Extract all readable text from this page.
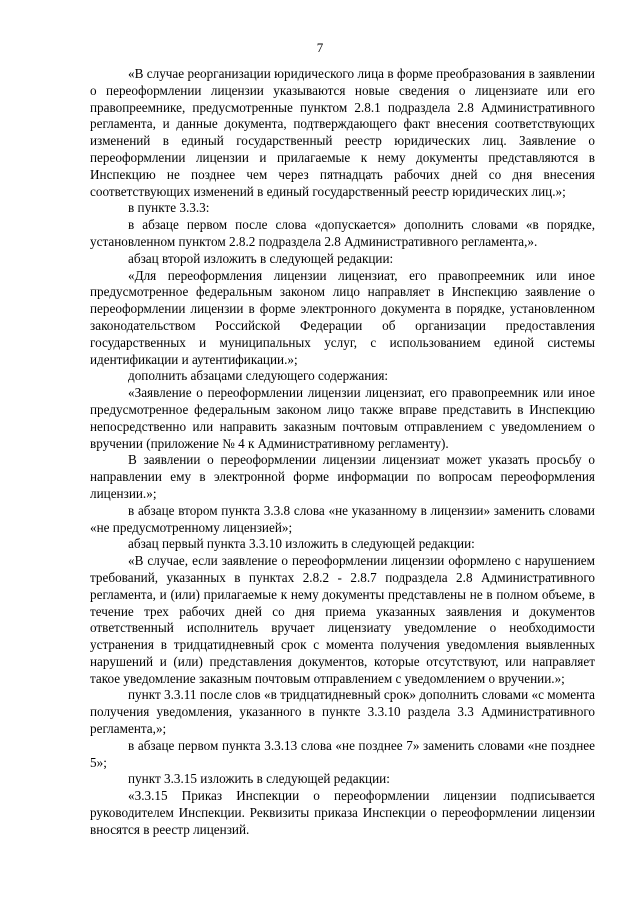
7

«В случае реорганизации юридического лица в форме преобразования в заявлении о переоформлении лицензии указываются новые сведения о лицензиате или его правопреемнике, предусмотренные пунктом 2.8.1 подраздела 2.8 Административного регламента, и данные документа, подтверждающего факт внесения соответствующих изменений в единый государственный реестр юридических лиц. Заявление о переоформлении лицензии и прилагаемые к нему документы представляются в Инспекцию не позднее чем через пятнадцать рабочих дней со дня внесения соответствующих изменений в единый государственный реестр юридических лиц.»;

в пункте 3.3.3:

в абзаце первом после слова «допускается» дополнить словами «в порядке, установленном пунктом 2.8.2 подраздела 2.8 Административного регламента,».

абзац второй изложить в следующей редакции:

«Для переоформления лицензии лицензиат, его правопреемник или иное предусмотренное федеральным законом лицо направляет в Инспекцию заявление о переоформлении лицензии в форме электронного документа в порядке, установленном законодательством Российской Федерации об организации предоставления государственных и муниципальных услуг, с использованием единой системы идентификации и аутентификации.»;

дополнить абзацами следующего содержания:

«Заявление о переоформлении лицензии лицензиат, его правопреемник или иное предусмотренное федеральным законом лицо также вправе представить в Инспекцию непосредственно или направить заказным почтовым отправлением с уведомлением о вручении (приложение № 4 к Административному регламенту).

В заявлении о переоформлении лицензии лицензиат может указать просьбу о направлении ему в электронной форме информации по вопросам переоформления лицензии.»;

в абзаце втором пункта 3.3.8 слова «не указанному в лицензии» заменить словами «не предусмотренному лицензией»;

абзац первый пункта 3.3.10 изложить в следующей редакции:

«В случае, если заявление о переоформлении лицензии оформлено с нарушением требований, указанных в пунктах 2.8.2 - 2.8.7 подраздела 2.8 Административного регламента, и (или) прилагаемые к нему документы представлены не в полном объеме, в течение трех рабочих дней со дня приема указанных заявления и документов ответственный исполнитель вручает лицензиату уведомление о необходимости устранения в тридцатидневный срок с момента получения уведомления выявленных нарушений и (или) представления документов, которые отсутствуют, или направляет такое уведомление заказным почтовым отправлением с уведомлением о вручении.»;

пункт 3.3.11 после слов «в тридцатидневный срок» дополнить словами «с момента получения уведомления, указанного в пункте 3.3.10 раздела 3.3 Административного регламента,»;

в абзаце первом пункта 3.3.13 слова «не позднее 7» заменить словами «не позднее 5»;

пункт 3.3.15 изложить в следующей редакции:

«3.3.15 Приказ Инспекции о переоформлении лицензии подписывается руководителем Инспекции. Реквизиты приказа Инспекции о переоформлении лицензии вносятся в реестр лицензий.
